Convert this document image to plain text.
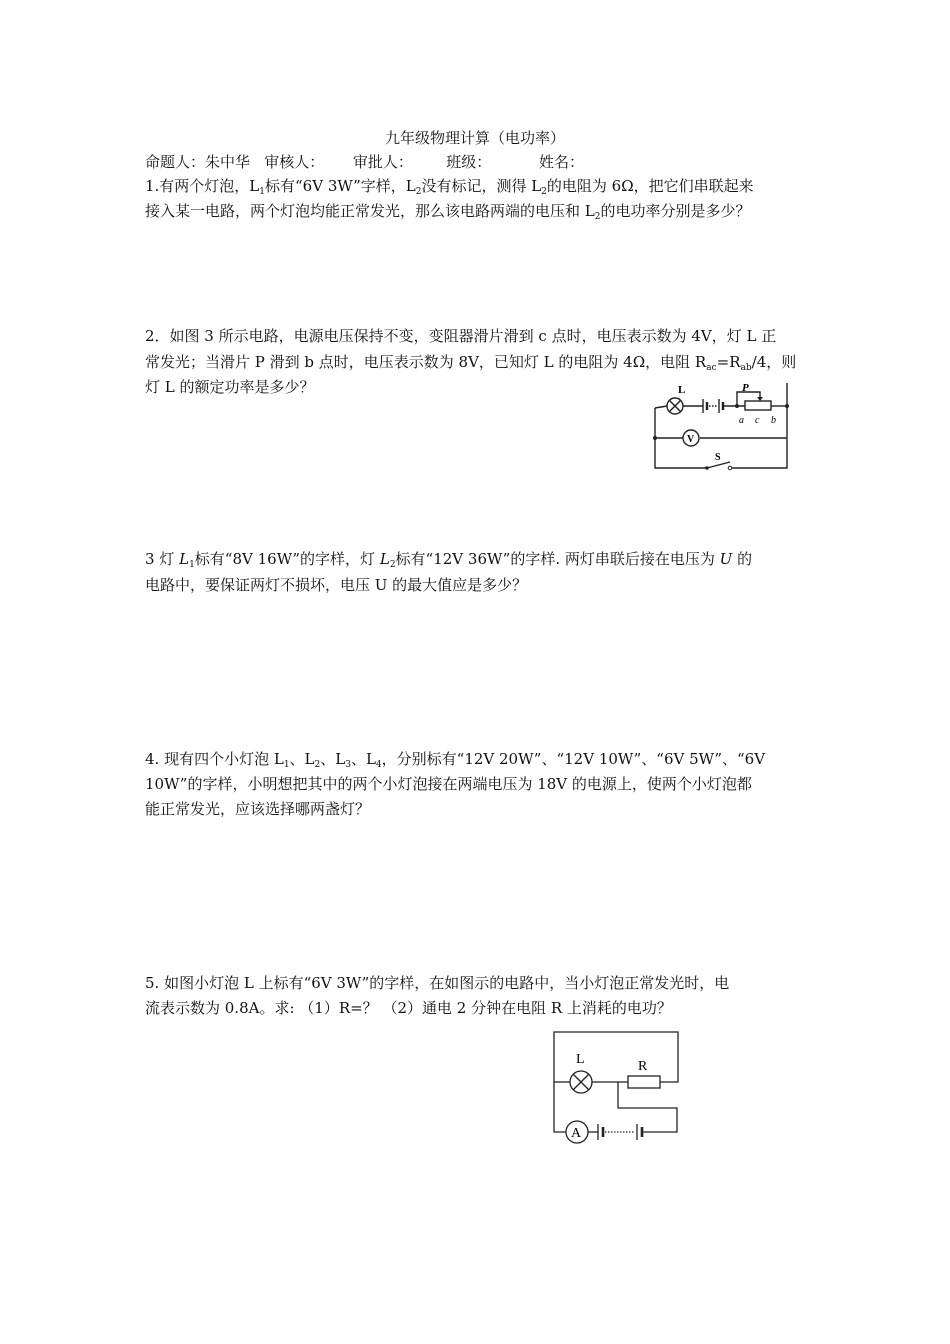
九年级物理计算（电功率）
命题人：朱中华   审核人：      审批人：       班级：          姓名：
1.有两个灯泡，$L_1$标有“6V 3W”字样，$L_2$没有标记，测得 $L_2$的电阻为 6Ω，把它们串联起来
接入某一电路，两个灯泡均能正常发光，那么该电路两端的电压和 $L_2$的电功率分别是多少？
2．如图 3 所示电路，电源电压保持不变，变阻器滑片滑到 c 点时，电压表示数为 4V，灯 L 正
常发光；当滑片 P 滑到 b 点时，电压表示数为 8V，已知灯 L 的电阻为 4Ω，电阻 $R_{ac}=R_{ab}/4$，则
灯 L 的额定功率是多少？	L	P
a c b
V
S
3 灯 $L_1$标有“8V 16W”的字样，灯 $L_2$标有“12V 36W”的字样. 两灯串联后接在电压为 U 的
电路中，要保证两灯不损坏，电压 U 的最大值应是多少？
4. 现有四个小灯泡 $L_1$、$L_2$、$L_3$、$L_4$，分别标有“12V 20W”、“12V 10W”、“6V 5W”、“6V
10W”的字样，小明想把其中的两个小灯泡接在两端电压为 18V 的电源上，使两个小灯泡都
能正常发光，应该选择哪两盏灯？
5. 如图小灯泡 L 上标有“6V 3W”的字样，在如图示的电路中，当小灯泡正常发光时，电
流表示数为 0.8A。求: （1）R=？ （2）通电 2 分钟在电阻 R 上消耗的电功？
L	R
A
